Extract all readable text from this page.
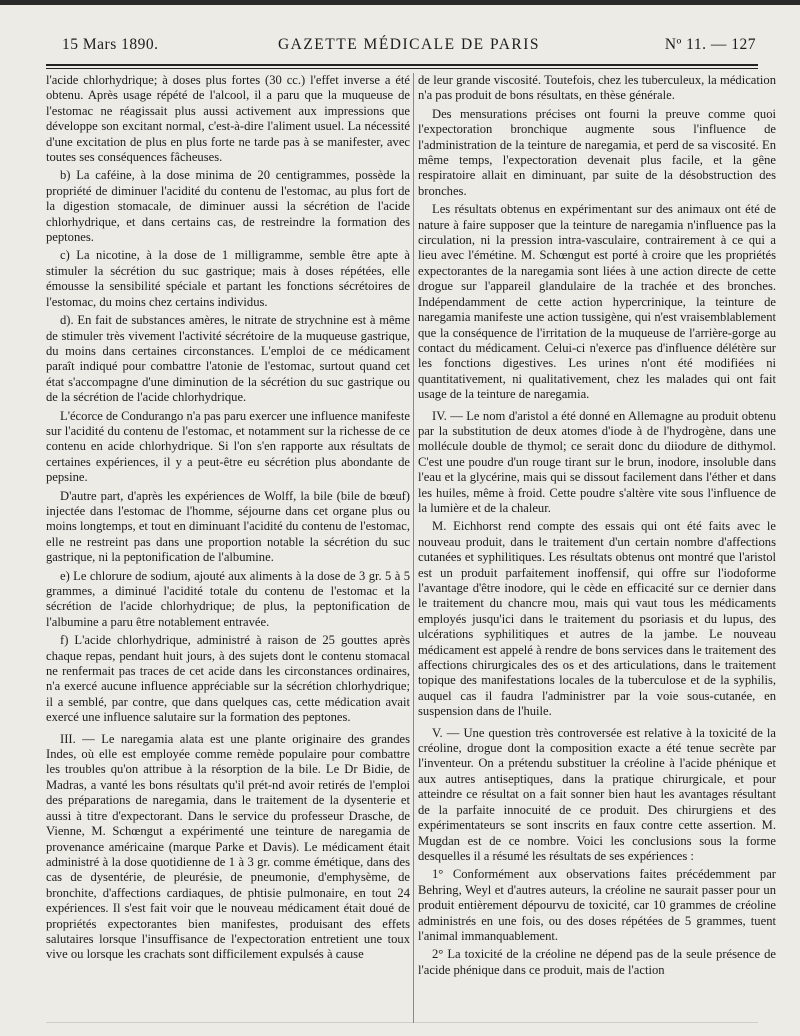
15 Mars 1890.	GAZETTE MÉDICALE DE PARIS	Nº 11. — 127

l'acide chlorhydrique; à doses plus fortes (30 cc.) l'effet inverse a été obtenu. Après usage répété de l'alcool, il a paru que la muqueuse de l'estomac ne réagissait plus aussi activement aux impressions que développe son excitant normal, c'est-à-dire l'aliment usuel. La nécessité d'une excitation de plus en plus forte ne tarde pas à se manifester, avec toutes ses conséquences fâcheuses.

b) La caféine, à la dose minima de 20 centigrammes, possède la propriété de diminuer l'acidité du contenu de l'estomac, au plus fort de la digestion stomacale, de diminuer aussi la sécrétion de l'acide chlorhydrique, et dans certains cas, de restreindre la formation des peptones.

c) La nicotine, à la dose de 1 milligramme, semble être apte à stimuler la sécrétion du suc gastrique; mais à doses répétées, elle émousse la sensibilité spéciale et partant les fonctions sécrétoires de l'estomac, du moins chez certains individus.

d). En fait de substances amères, le nitrate de strychnine est à même de stimuler très vivement l'activité sécrétoire de la muqueuse gastrique, du moins dans certaines circonstances. L'emploi de ce médicament paraît indiqué pour combattre l'atonie de l'estomac, surtout quand cet état s'accompagne d'une diminution de la sécrétion du suc gastrique ou de la sécrétion de l'acide chlorhydrique.

L'écorce de Condurango n'a pas paru exercer une influence manifeste sur l'acidité du contenu de l'estomac, et notamment sur la richesse de ce contenu en acide chlorhydrique. Si l'on s'en rapporte aux résultats de certaines expériences, il y a peut-être eu sécrétion plus abondante de pepsine.

D'autre part, d'après les expériences de Wolff, la bile (bile de bœuf) injectée dans l'estomac de l'homme, séjourne dans cet organe plus ou moins longtemps, et tout en diminuant l'acidité du contenu de l'estomac, elle ne restreint pas dans une proportion notable la sécrétion du suc gastrique, ni la peptonification de l'albumine.

e) Le chlorure de sodium, ajouté aux aliments à la dose de 3 gr. 5 à 5 grammes, a diminué l'acidité totale du contenu de l'estomac et la sécrétion de l'acide chlorhydrique; de plus, la peptonification de l'albumine a paru être notablement entravée.

f) L'acide chlorhydrique, administré à raison de 25 gouttes après chaque repas, pendant huit jours, à des sujets dont le contenu stomacal ne renfermait pas traces de cet acide dans les circonstances ordinaires, n'a exercé aucune influence appréciable sur la sécrétion chlorhydrique; il a semblé, par contre, que dans quelques cas, cette médication avait exercé une influence salutaire sur la formation des peptones.

III. — Le naregamia alata est une plante originaire des grandes Indes, où elle est employée comme remède populaire pour combattre les troubles qu'on attribue à la résorption de la bile. Le Dr Bidie, de Madras, a vanté les bons résultats qu'il prét-nd avoir retirés de l'emploi des préparations de naregamia, dans le traitement de la dysenterie et aussi à titre d'expectorant. Dans le service du professeur Drasche, de Vienne, M. Schœngut a expérimenté une teinture de naregamia de provenance américaine (marque Parke et Davis). Le médicament était administré à la dose quotidienne de 1 à 3 gr. comme émétique, dans des cas de dysentérie, de pleurésie, de pneumonie, d'emphysème, de bronchite, d'affections cardiaques, de phtisie pulmonaire, en tout 24 expériences. Il s'est fait voir que le nouveau médicament était doué de propriétés expectorantes bien manifestes, produisant des effets salutaires lorsque l'insuffisance de l'expectoration entretient une toux vive ou lorsque les crachats sont difficilement expulsés à cause

de leur grande viscosité. Toutefois, chez les tuberculeux, la médication n'a pas produit de bons résultats, en thèse générale.

Des mensurations précises ont fourni la preuve comme quoi l'expectoration bronchique augmente sous l'influence de l'administration de la teinture de naregamia, et perd de sa viscosité. En même temps, l'expectoration devenait plus facile, et la gêne respiratoire allait en diminuant, par suite de la désobstruction des bronches.

Les résultats obtenus en expérimentant sur des animaux ont été de nature à faire supposer que la teinture de naregamia n'influence pas la circulation, ni la pression intra-vasculaire, contrairement à ce qui a lieu avec l'émétine. M. Schœngut est porté à croire que les propriétés expectorantes de la naregamia sont liées à une action directe de cette drogue sur l'appareil glandulaire de la trachée et des bronches. Indépendamment de cette action hypercrinique, la teinture de naregamia manifeste une action tussigène, qui n'est vraisemblablement que la conséquence de l'irritation de la muqueuse de l'arrière-gorge au contact du médicament. Celui-ci n'exerce pas d'influence délétère sur les fonctions digestives. Les urines n'ont été modifiées ni quantitativement, ni qualitativement, chez les malades qui ont fait usage de la teinture de naregamia.

IV. — Le nom d'aristol a été donné en Allemagne au produit obtenu par la substitution de deux atomes d'iode à de l'hydrogène, dans une mollécule double de thymol; ce serait donc du diiodure de dithymol. C'est une poudre d'un rouge tirant sur le brun, inodore, insoluble dans l'eau et la glycérine, mais qui se dissout facilement dans l'éther et dans les huiles, même à froid. Cette poudre s'altère vite sous l'influence de la lumière et de la chaleur.

M. Eichhorst rend compte des essais qui ont été faits avec le nouveau produit, dans le traitement d'un certain nombre d'affections cutanées et syphilitiques. Les résultats obtenus ont montré que l'aristol est un produit parfaitement inoffensif, qui offre sur l'iodoforme l'avantage d'être inodore, qui le cède en efficacité sur ce dernier dans le traitement du chancre mou, mais qui vaut tous les médicaments employés jusqu'ici dans le traitement du psoriasis et du lupus, des ulcérations syphilitiques et autres de la jambe. Le nouveau médicament est appelé à rendre de bons services dans le traitement des affections chirurgicales des os et des articulations, dans le traitement topique des manifestations locales de la tuberculose et de la syphilis, auquel cas il faudra l'administrer par la voie sous-cutanée, en suspension dans de l'huile.

V. — Une question très controversée est relative à la toxicité de la créoline, drogue dont la composition exacte a été tenue secrète par l'inventeur. On a prétendu substituer la créoline à l'acide phénique et aux autres antiseptiques, dans la pratique chirurgicale, et pour atteindre ce résultat on a fait sonner bien haut les avantages résultant de la parfaite innocuité de ce produit. Des chirurgiens et des expérimentateurs se sont inscrits en faux contre cette assertion. M. Mugdan est de ce nombre. Voici les conclusions sous la forme desquelles il a résumé les résultats de ses expériences :

1° Conformément aux observations faites précédemment par Behring, Weyl et d'autres auteurs, la créoline ne saurait passer pour un produit entièrement dépourvu de toxicité, car 10 grammes de créoline administrés en une fois, ou des doses répétées de 5 grammes, tuent l'animal immanquablement.

2° La toxicité de la créoline ne dépend pas de la seule présence de l'acide phénique dans ce produit, mais de l'action
